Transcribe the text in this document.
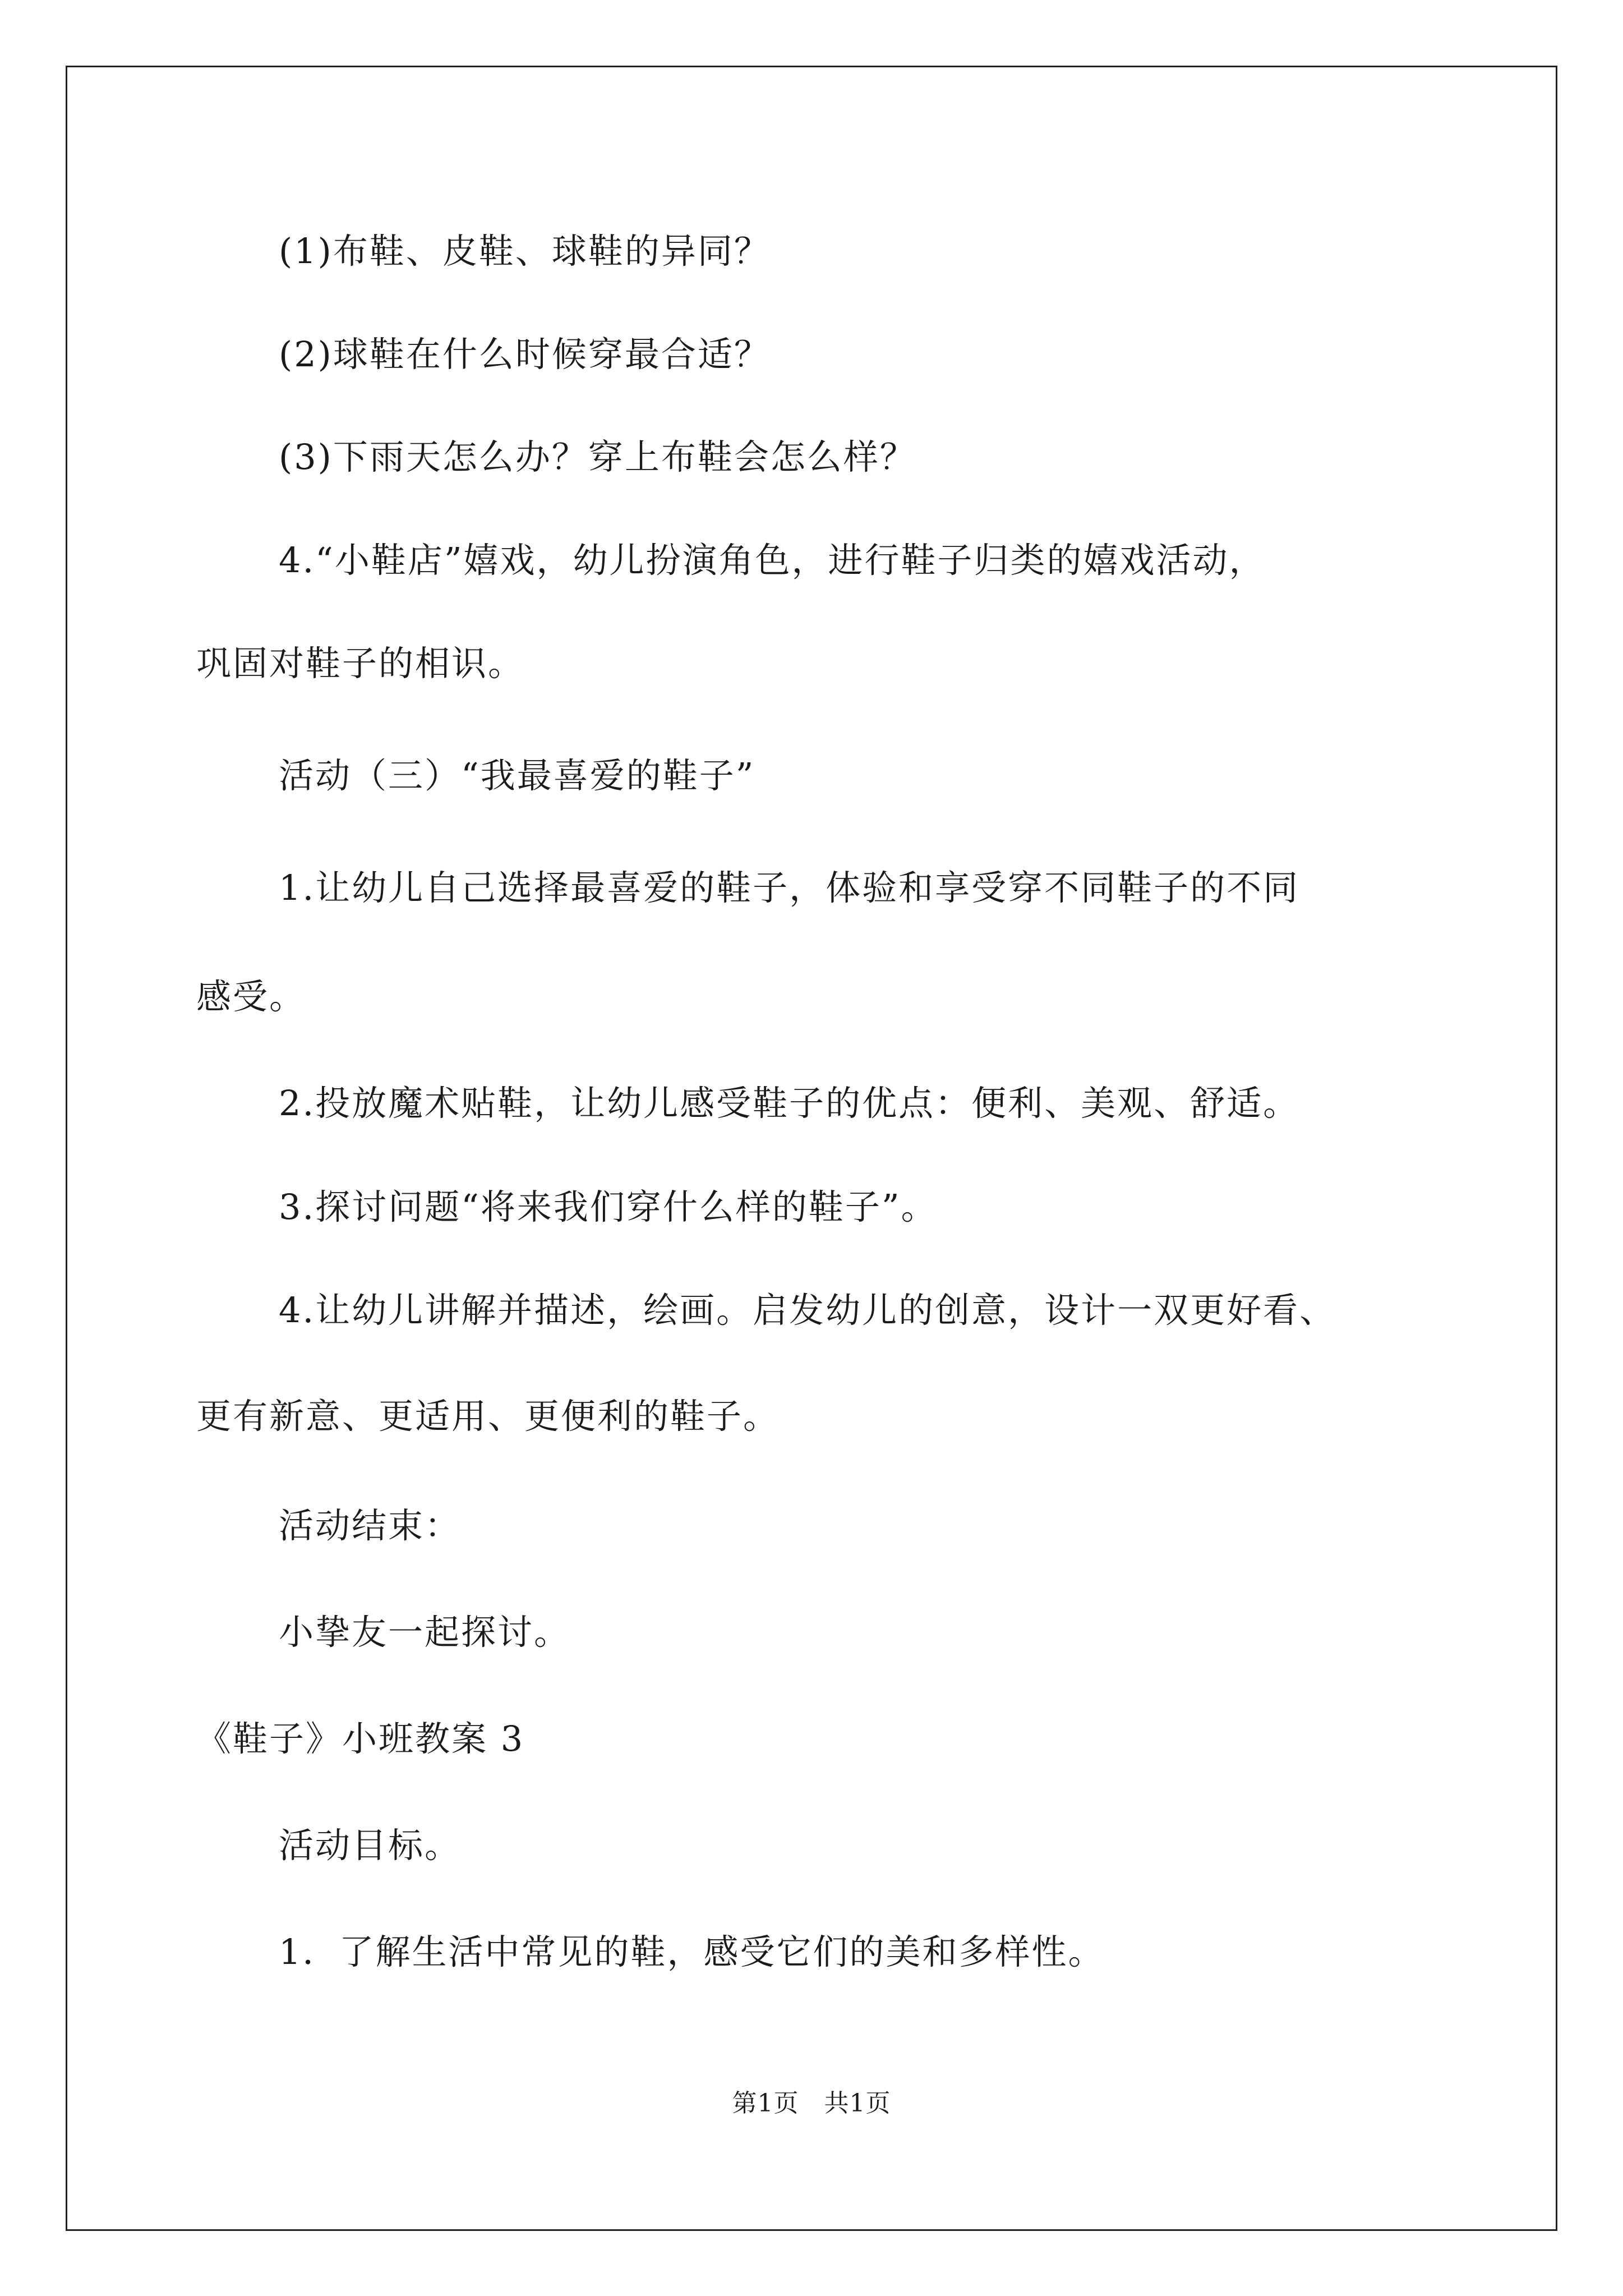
(1)布鞋、皮鞋、球鞋的异同？
(2)球鞋在什么时候穿最合适？
(3)下雨天怎么办？穿上布鞋会怎么样？
4.“小鞋店”嬉戏，幼儿扮演角色，进行鞋子归类的嬉戏活动，
巩固对鞋子的相识。
活动（三）“我最喜爱的鞋子”
1.让幼儿自己选择最喜爱的鞋子，体验和享受穿不同鞋子的不同
感受。
2.投放魔术贴鞋，让幼儿感受鞋子的优点：便利、美观、舒适。
3.探讨问题“将来我们穿什么样的鞋子”。
4.让幼儿讲解并描述，绘画。启发幼儿的创意，设计一双更好看、
更有新意、更适用、更便利的鞋子。
活动结束：
小挚友一起探讨。
《鞋子》小班教案 3
活动目标。
1．了解生活中常见的鞋，感受它们的美和多样性。
第1页　共1页
